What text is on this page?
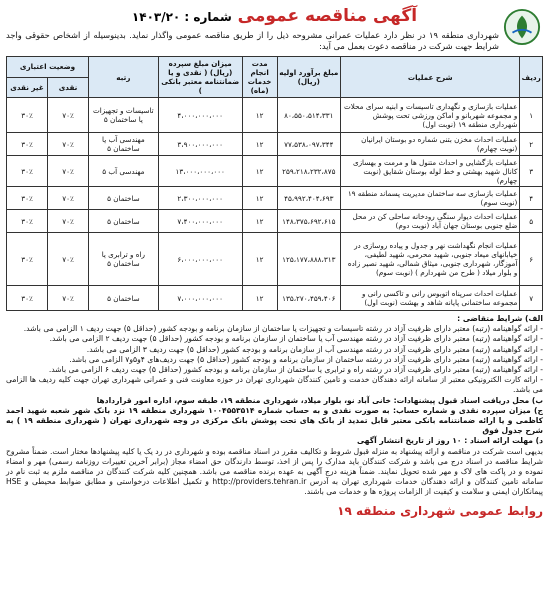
آگهی مناقصه عمومی شماره : ۱۴۰۳/۲۰
شهرداری منطقه ۱۹ در نظر دارد عملیات عمرانی مشروحه ذیل را از طریق مناقصه عمومی واگذار نماید. بدینوسیله از اشخاص حقوقی واجد شرایط جهت شرکت در مناقصه دعوت بعمل می آید:
ردیف	شرح عملیات	مبلغ برآورد اولیه (ریال)	مدت انجام خدمات (ماه)	میزان مبلغ سپرده (ریال) ( نقدی و یا ضمانتنامه معتبر بانکی )	رتبه	وضعیت اعتباری	
						نقدی	غیر نقدی
۱	عملیات بازسازی و نگهداری تاسیسات و ابنیه سرای محلات و مجموعه شهربانو و اماکن ورزشی تحت پوشش شهرداری منطقه ۱۹ (نوبت اول)	۸۰،۵۵۰،۵۱۴،۳۳۱	۱۲	۴،۰۰۰،۰۰۰،۰۰۰	تاسیسات و تجهیزات یا ساختمان ۵	۷۰٪	۳۰٪
۲	عملیات احداث مخزن بتنی شماره دو بوستان ایرانیان (نوبت چهارم)	۷۷،۵۳۸،۰۹۷،۳۴۴	۱۲	۳،۹۰۰،۰۰۰،۰۰۰	مهندسی آب یا ساختمان ۵	۷۰٪	۳۰٪
۳	عملیات بازگشایی و احداث متنول ها و مرمت و بهسازی کانال شهید بهشتی و خط لوله بوستان شقایق (نوبت چهارم)	۲۵۹،۲۱۸،۲۳۲،۸۷۵	۱۲	۱۳،۰۰۰،۰۰۰،۰۰۰	مهندسی آب ۵	۷۰٪	۳۰٪
۴	عملیات بازسازی سه ساختمان مدیریت پسماند منطقه ۱۹ (نوبت سوم)	۴۵،۹۹۲،۴۰۴،۶۹۳	۱۲	۲،۳۰۰،۰۰۰،۰۰۰	ساختمان ۵	۷۰٪	۳۰٪
۵	عملیات احداث دیوار سنگی رودخانه ساحلی کن در محل ضلع جنوبی بوستان جهان آباد (نوبت دوم)	۱۴۸،۳۷۵،۶۹۲،۶۱۵	۱۲	۷،۴۰۰،۰۰۰،۰۰۰	ساختمان ۵	۷۰٪	۳۰٪
۶	عملیات انجام نگهداشت نهر و جدول و پیاده روسازی در خیابانهای میعاد جنوبی، شهید محرمی، شهید لطیفی، آموزگار، شهرداری جنوبی، میثاق شمالی، شهید نصیر زاده و بلوار میلاد ( طرح من شهردارم ) (نوبت سوم)	۱۲۵،۱۷۷،۸۸۸،۳۱۳	۱۲	۶،۰۰۰،۰۰۰،۰۰۰	راه و ترابری یا ساختمان ۵	۷۰٪	۳۰٪
۷	عملیات احداث سرپناه اتوبوس رانی و تاکسی رانی و مجموعه ساختمانی پایانه شاهد و بهشت (نوبت اول)	۱۳۵،۲۷۰،۴۵۹،۴۰۶	۱۲	۷،۰۰۰،۰۰۰،۰۰۰	ساختمان ۵	۷۰٪	۳۰٪

الف) شرایط متقاضی :

- ارائه گواهینامه (رتبه) معتبر دارای ظرفیت آزاد در رشته تاسیسات و تجهیزات یا ساختمان از سازمان برنامه و بودجه کشور (حداقل ۵) جهت ردیف ۱ الزامی می باشد.

- ارائه گواهینامه (رتبه) معتبر دارای ظرفیت آزاد در رشته مهندسی آب یا ساختمان از سازمان برنامه و بودجه کشور (حداقل ۵) جهت ردیف ۲ الزامی می باشد.

- ارائه گواهینامه (رتبه) معتبر دارای ظرفیت آزاد در رشته مهندسی آب از سازمان برنامه و بودجه کشور (حداقل ۵) جهت ردیف ۳ الزامی می باشد.

- ارائه گواهینامه (رتبه) معتبر دارای ظرفیت آزاد در رشته ساختمان از سازمان برنامه و بودجه کشور (حداقل ۵) جهت ردیف‌های ۴و۵و۷ الزامی می باشد.

- ارائه گواهینامه (رتبه) معتبر دارای ظرفیت آزاد در رشته راه و ترابری یا ساختمان از سازمان برنامه و بودجه کشور (حداقل ۵) جهت ردیف ۶ الزامی می باشد.

- ارائه کارت الکترونیکی معتبر از سامانه ارائه دهندگان خدمت و تامین کنندگان شهرداری تهران در حوزه معاونت فنی و عمرانی شهرداری تهران جهت کلیه ردیف ها الزامی می باشد.

ب) محل دریافت اسناد قبول پیشنهادات: خانی آباد نو، بلوار میلاد، شهرداری منطقه ۱۹، طبقه سوم، اداره امور قراردادها

ج) میزان سپرده نقدی و شماره حساب: به صورت نقدی و به حساب شماره ۱۰۰۴۵۵۳۵۱۴ شهرداری منطقه ۱۹ نزد بانک شهر شعبه شهید احمد کاظمی و یا ارائه ضمانتنامه بانکی معتبر قابل تمدید از بانک های تحت پوشش بانک مرکزی در وجه شهرداری تهران ( شهرداری منطقه ۱۹ ) به شرح جدول فوق

د) مهلت ارائه اسناد : ۱۰ روز از تاریخ انتشار آگهی

بدیهی است شرکت در مناقصه و ارائه پیشنهاد به منزله قبول شروط و تکالیف مقرر در اسناد مناقصه بوده و شهرداری در رد یک یا کلیه پیشنهادها مختار است. ضمناً مشروح شرایط مناقصه در اسناد درج می باشد و شرکت کنندگان باید مدارک را پس از اخذ، توسط دارندگان حق امضاء مجاز (برابر آخرین تغییرات روزنامه رسمی) مهر و امضاء نموده و در پاکت های لاک و مهر شده تحویل نمایند. ضمناً هزینه درج آگهی به عهده برنده مناقصه می باشد. همچنین کلیه شرکت کنندگان در مناقصه ملزم به ثبت نام در سامانه تامین کنندگان و ارائه دهندگان خدمات شهرداری تهران به آدرس http://providers.tehran.ir و تکمیل اطلاعات درخواستی و مطابق ضوابط محیطی و HSE پیمانکاران ایمنی و سلامت و کیفیت از الزامات پروژه ها و خدمات می باشند.

روابط عمومی شهرداری منطقه ۱۹
